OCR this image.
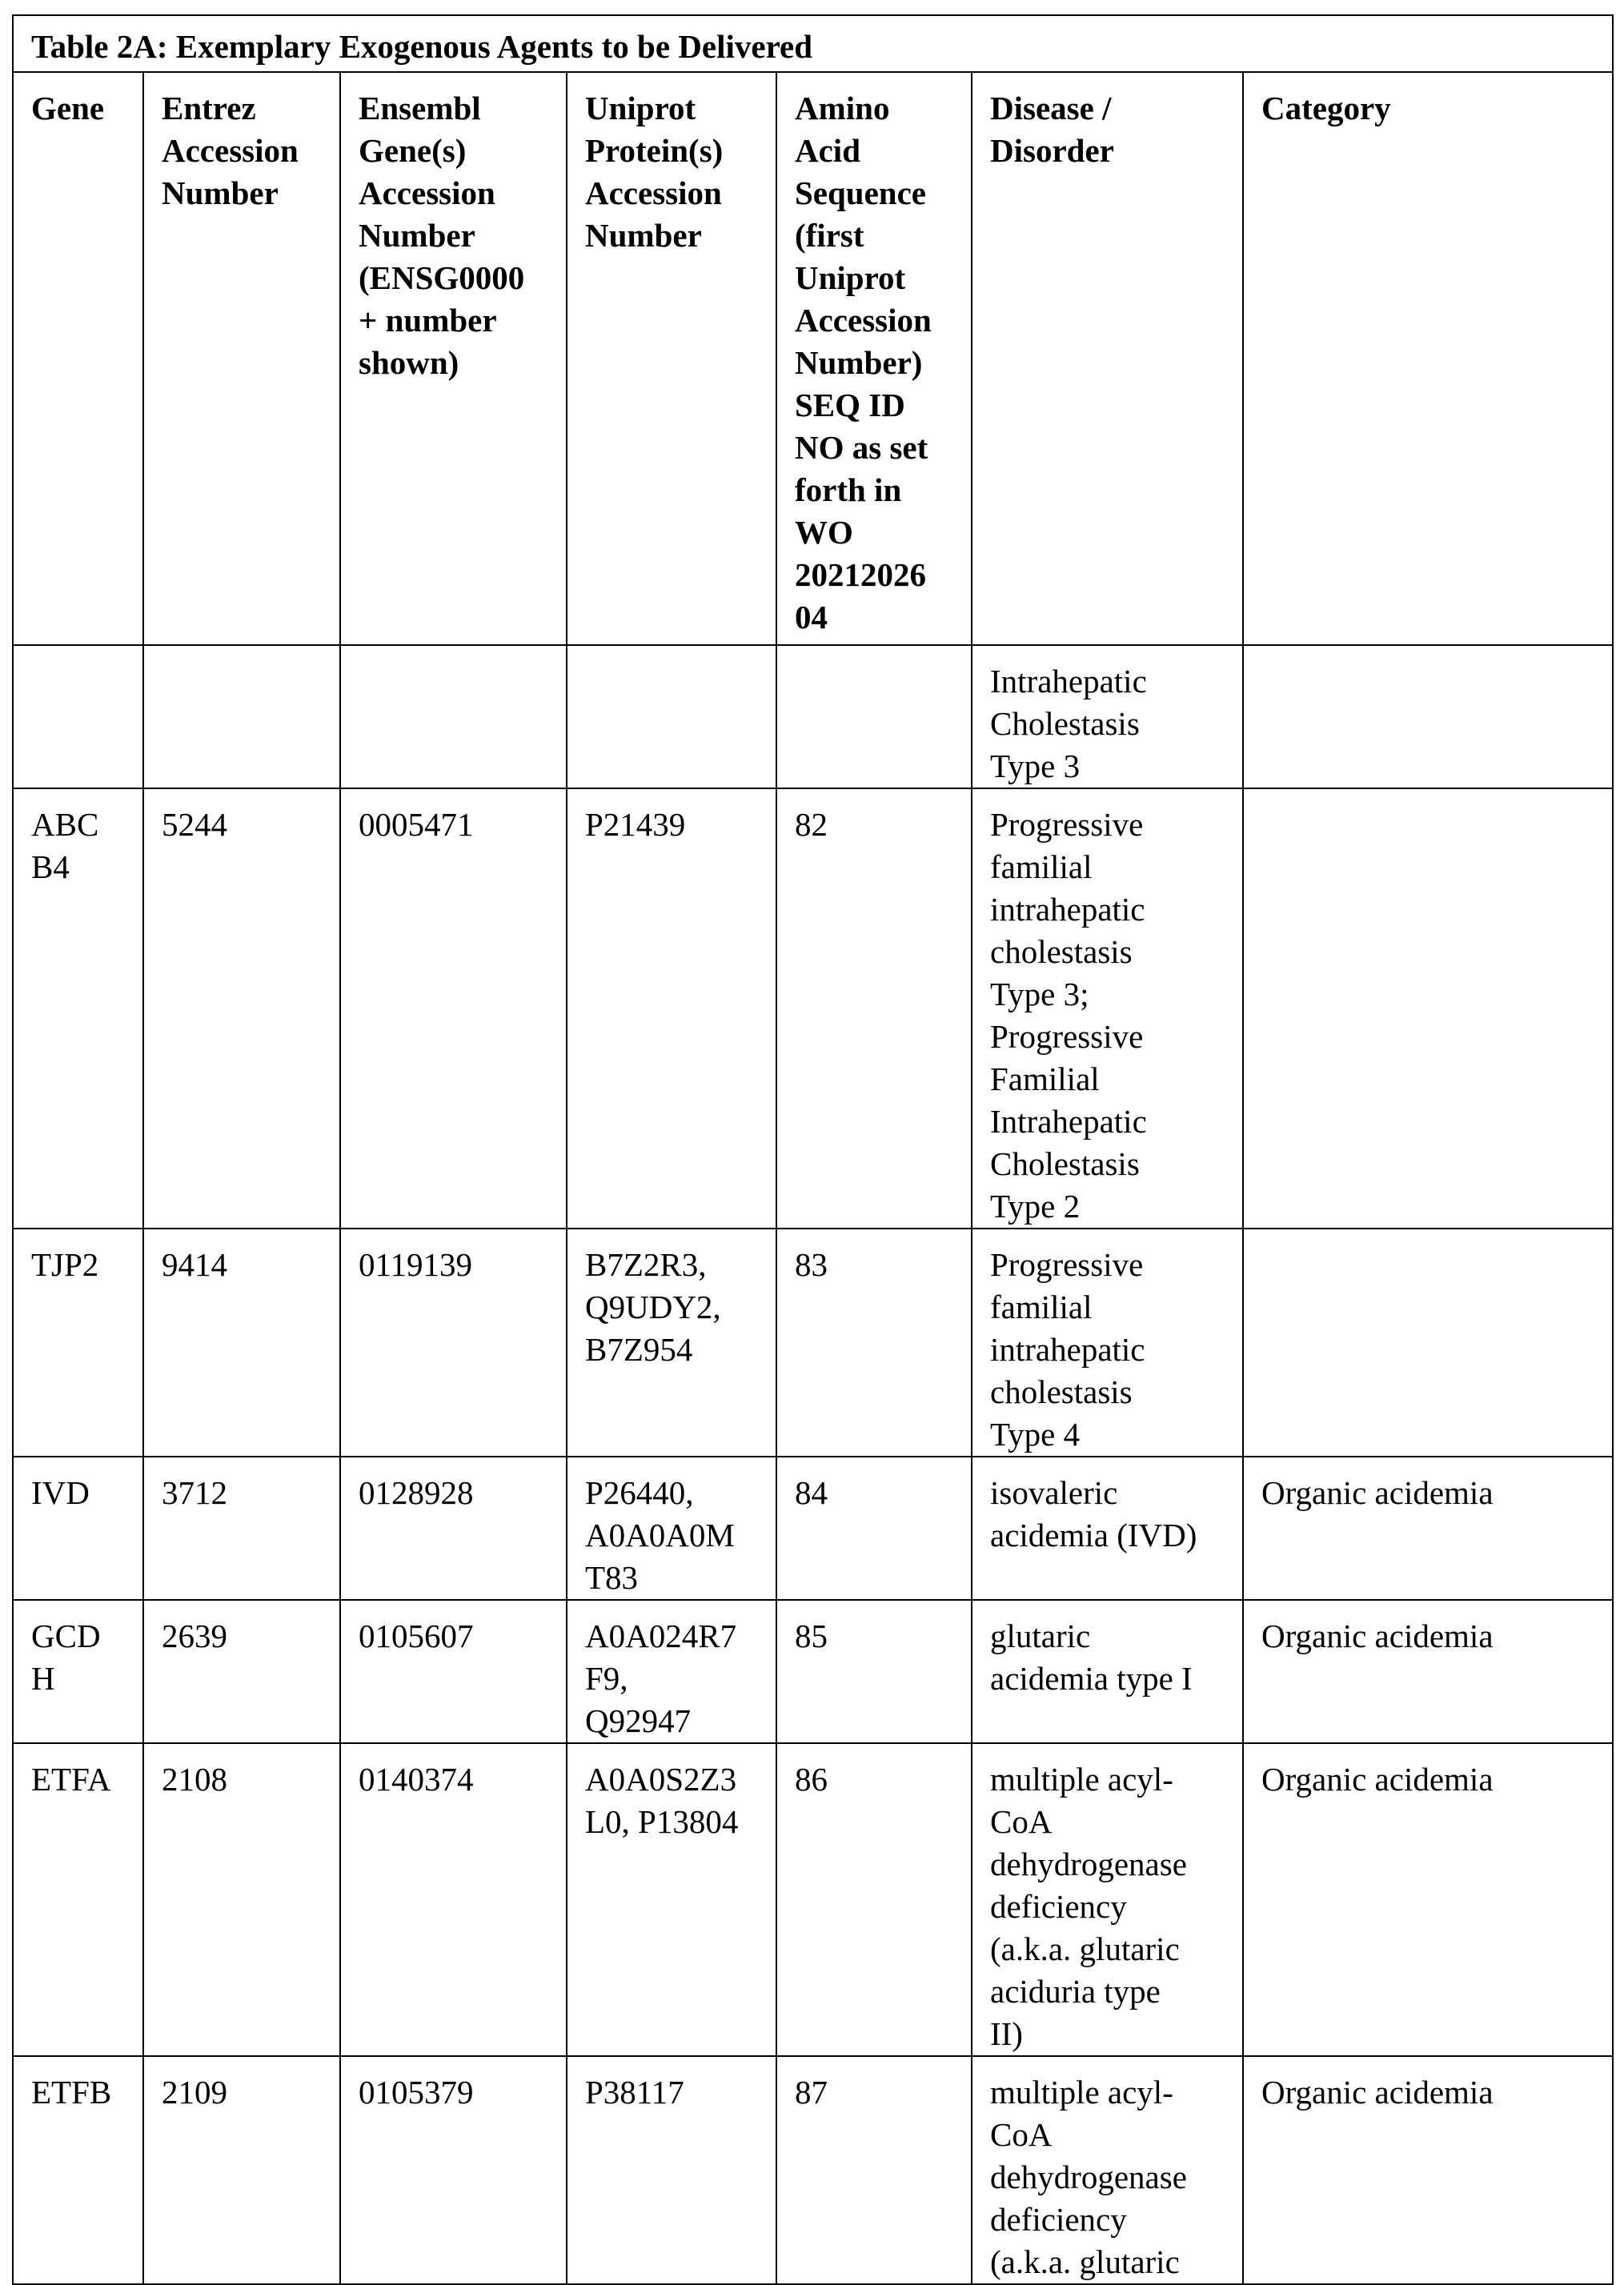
Table 2A: Exemplary Exogenous Agents to be Delivered
Gene	Entrez
Accession
Number	Ensembl
Gene(s)
Accession
Number
(ENSG0000
+ number
shown)	Uniprot
Protein(s)
Accession
Number	Amino
Acid
Sequence
(first
Uniprot
Accession
Number)
SEQ ID
NO as set
forth in
WO
20212026
04	Disease /
Disorder	Category
					Intrahepatic
Cholestasis
Type 3	
ABC
B4	5244	0005471	P21439	82	Progressive
familial
intrahepatic
cholestasis
Type 3;
Progressive
Familial
Intrahepatic
Cholestasis
Type 2	
TJP2	9414	0119139	B7Z2R3,
Q9UDY2,
B7Z954	83	Progressive
familial
intrahepatic
cholestasis
Type 4	
IVD	3712	0128928	P26440,
A0A0A0M
T83	84	isovaleric
acidemia (IVD)	Organic acidemia
GCD
H	2639	0105607	A0A024R7
F9,
Q92947	85	glutaric
acidemia type I	Organic acidemia
ETFA	2108	0140374	A0A0S2Z3
L0, P13804	86	multiple acyl-
CoA
dehydrogenase
deficiency
(a.k.a. glutaric
aciduria type
II)	Organic acidemia
ETFB	2109	0105379	P38117	87	multiple acyl-
CoA
dehydrogenase
deficiency
(a.k.a. glutaric	Organic acidemia
